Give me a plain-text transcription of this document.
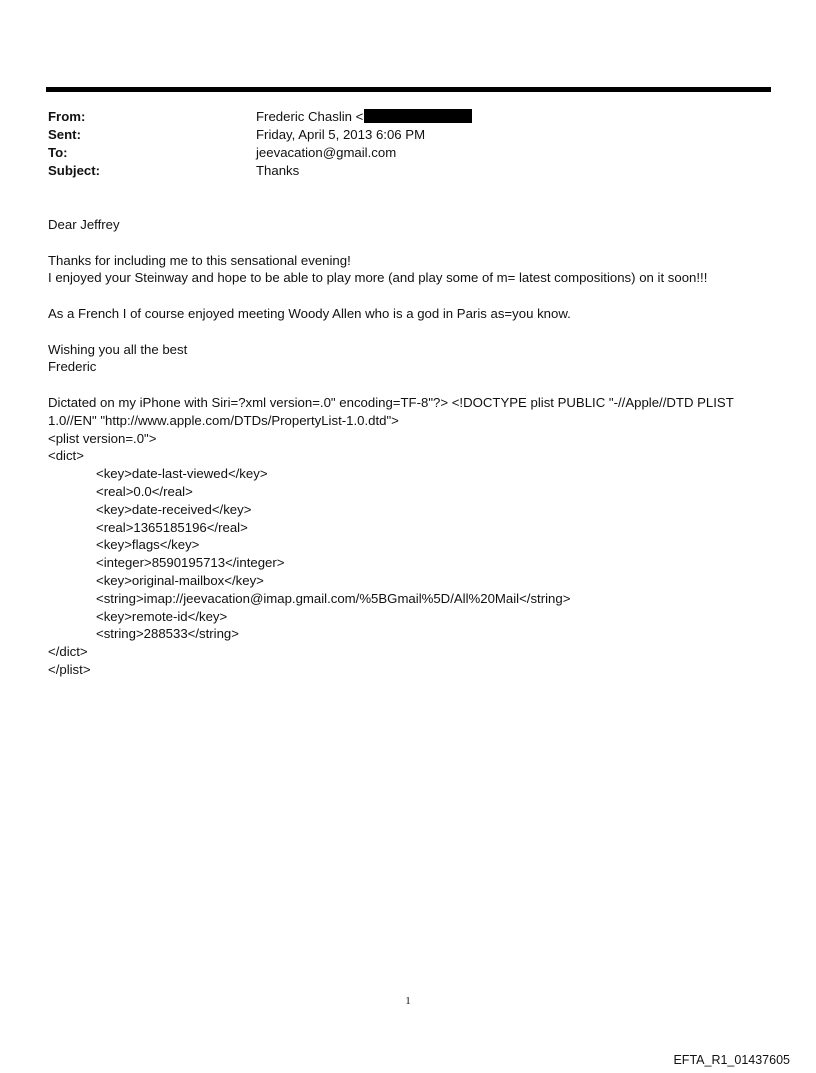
From:	Frederic Chaslin <
Sent:	Friday, April 5, 2013 6:06 PM
To:	jeevacation@gmail.com
Subject:	Thanks

Dear Jeffrey

Thanks for including me to this sensational evening!

I enjoyed your Steinway and hope to be able to play more (and play some of m= latest compositions) on it soon!!!

As a French I of course enjoyed meeting Woody Allen who is a god in Paris as=you know.

Wishing you all the best

Frederic

Dictated on my iPhone with Siri=?xml version=.0" encoding=TF-8"?> <!DOCTYPE plist PUBLIC "-//Apple//DTD PLIST

1.0//EN" "http://www.apple.com/DTDs/PropertyList-1.0.dtd">

<plist version=.0">

<dict>

<key>date-last-viewed</key>

<real>0.0</real>

<key>date-received</key>

<real>1365185196</real>

<key>flags</key>

<integer>8590195713</integer>

<key>original-mailbox</key>

<string>imap://jeevacation@imap.gmail.com/%5BGmail%5D/All%20Mail</string>

<key>remote-id</key>

<string>288533</string>

</dict>

</plist>

1
EFTA_R1_01437605
